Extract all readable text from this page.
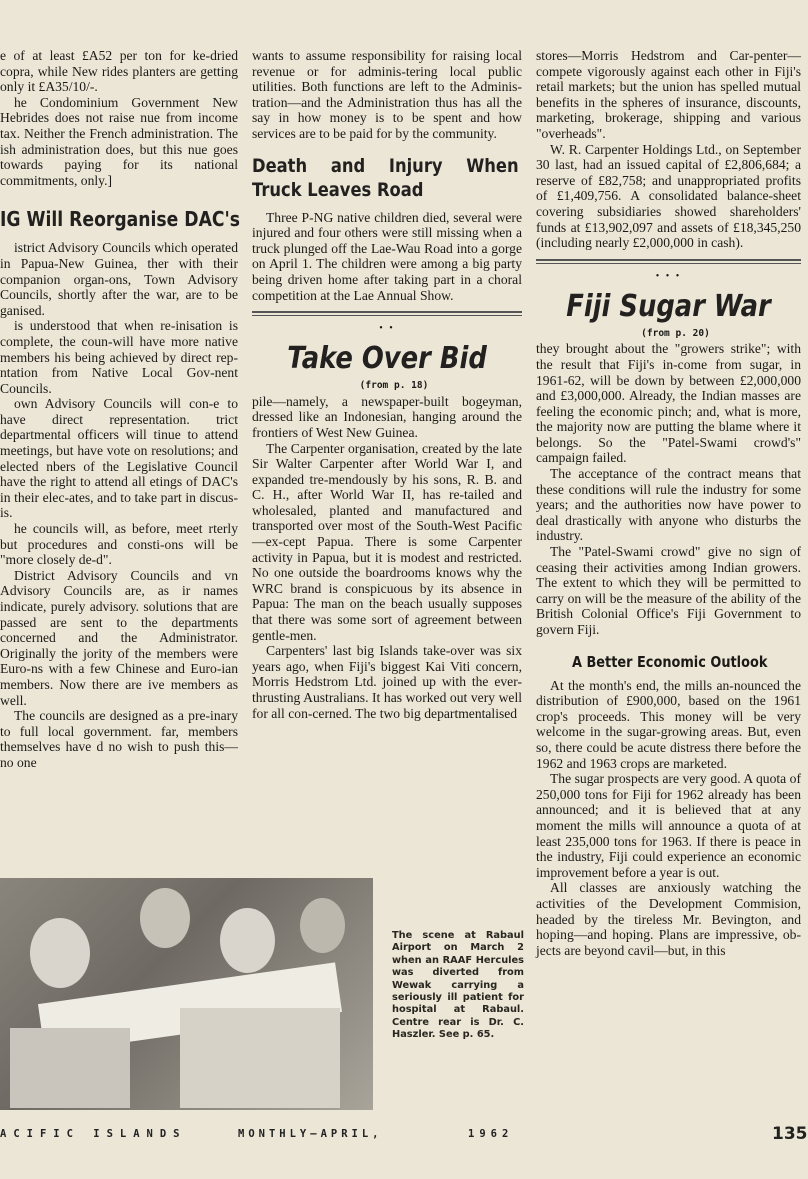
e of at least £A52 per ton for ke-dried copra, while New rides planters are getting only it £A35/10/-.

he Condominium Government New Hebrides does not raise nue from income tax. Neither the French administration. The ish administration does, but this nue goes towards paying for its national commitments, only.]

IG Will Reorganise DAC's

istrict Advisory Councils which operated in Papua-New Guinea, ther with their companion organ-ons, Town Advisory Councils, shortly after the war, are to be ganised.

is understood that when re-inisation is complete, the coun-will have more native members his being achieved by direct rep-ntation from Native Local Gov-nent Councils.

own Advisory Councils will con-e to have direct representation. trict departmental officers will tinue to attend meetings, but have vote on resolutions; and elected nbers of the Legislative Council have the right to attend all etings of DAC's in their elec-ates, and to take part in discus-is.

he councils will, as before, meet rterly but procedures and consti-ons will be "more closely de-d".

District Advisory Councils and vn Advisory Councils are, as ir names indicate, purely advisory. solutions that are passed are sent to the departments concerned and the Administrator. Originally the jority of the members were Euro-ns with a few Chinese and Euro-ian members. Now there are ive members as well.

The councils are designed as a pre-inary to full local government. far, members themselves have d no wish to push this—no one

wants to assume responsibility for raising local revenue or for adminis-tering local public utilities. Both functions are left to the Adminis-tration—and the Administration thus has all the say in how money is to be spent and how services are to be paid for by the community.

Death and Injury When Truck Leaves Road

Three P-NG native children died, several were injured and four others were still missing when a truck plunged off the Lae-Wau Road into a gorge on April 1. The children were among a big party being driven home after taking part in a choral competition at the Lae Annual Show.

• •
Take Over Bid

(from p. 18)

pile—namely, a newspaper-built bogeyman, dressed like an Indonesian, hanging around the frontiers of West New Guinea.

The Carpenter organisation, created by the late Sir Walter Carpenter after World War I, and expanded tre-mendously by his sons, R. B. and C. H., after World War II, has re-tailed and wholesaled, planted and manufactured and transported over most of the South-West Pacific—ex-cept Papua. There is some Carpenter activity in Papua, but it is modest and restricted. No one outside the boardrooms knows why the WRC brand is conspicuous by its absence in Papua: The man on the beach usually supposes that there was some sort of agreement between gentle-men.

Carpenters' last big Islands take-over was six years ago, when Fiji's biggest Kai Viti concern, Morris Hedstrom Ltd. joined up with the ever-thrusting Australians. It has worked out very well for all con-cerned. The two big departmentalised

stores—Morris Hedstrom and Car-penter—compete vigorously against each other in Fiji's retail markets; but the union has spelled mutual benefits in the spheres of insurance, discounts, marketing, brokerage, shipping and various "overheads".

W. R. Carpenter Holdings Ltd., on September 30 last, had an issued capital of £2,806,684; a reserve of £82,758; and unappropriated profits of £1,409,756. A consolidated balance-sheet covering subsidiaries showed shareholders' funds at £13,902,097 and assets of £18,345,250 (including nearly £2,000,000 in cash).

• • •
Fiji Sugar War

(from p. 20)

they brought about the "growers strike"; with the result that Fiji's in-come from sugar, in 1961-62, will be down by between £2,000,000 and £3,000,000. Already, the Indian masses are feeling the economic pinch; and, what is more, the majority now are putting the blame where it belongs. So the "Patel-Swami crowd's" campaign failed.

The acceptance of the contract means that these conditions will rule the industry for some years; and the authorities now have power to deal drastically with anyone who disturbs the industry.

The "Patel-Swami crowd" give no sign of ceasing their activities among Indian growers. The extent to which they will be permitted to carry on will be the measure of the ability of the British Colonial Office's Fiji Government to govern Fiji.

A Better Economic Outlook

At the month's end, the mills an-nounced the distribution of £900,000, based on the 1961 crop's proceeds. This money will be very welcome in the sugar-growing areas. But, even so, there could be acute distress there before the 1962 and 1963 crops are marketed.

The sugar prospects are very good. A quota of 250,000 tons for Fiji for 1962 already has been announced; and it is believed that at any moment the mills will announce a quota of at least 235,000 tons for 1963. If there is peace in the industry, Fiji could experience an economic improvement before a year is out.

All classes are anxiously watching the activities of the Development Commision, headed by the tireless Mr. Bevington, and hoping—and hoping. Plans are impressive, ob-jects are beyond cavil—but, in this

The scene at Rabaul Airport on March 2 when an RAAF Hercules was diverted from Wewak carrying a seriously ill patient for hospital at Rabaul. Centre rear is Dr. C. Haszler. See p. 65.
ACIFIC ISLANDS	MONTHLY—APRIL,	1962	135
